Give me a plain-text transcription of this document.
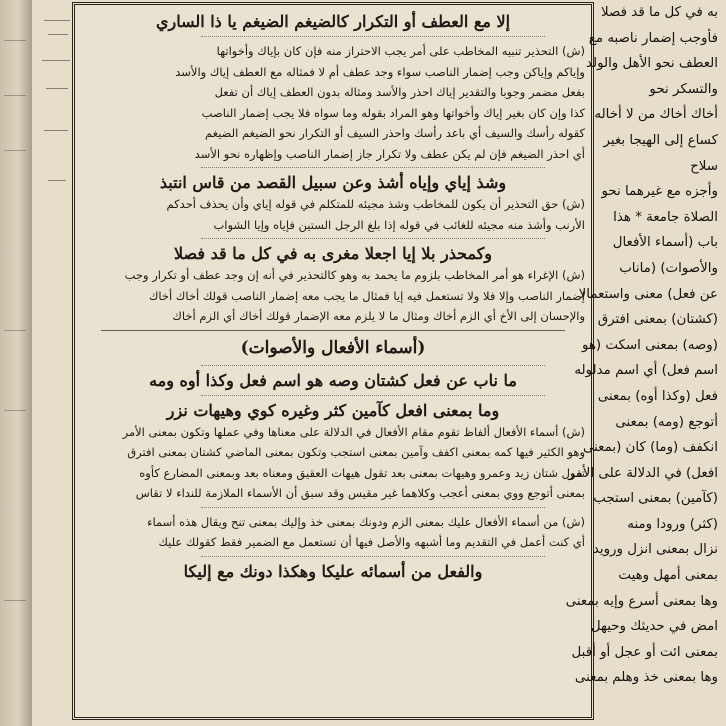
إلا مع العطف أو التكرار كالضيغم الضيغم يا ذا الساري
(ش) التحذير تنبيه المخاطب على أمر يجب الاحتراز منه فإن كان بإياك وأخواتها
وإياكم وإياكن وجب إضمار الناصب سواء وجد عطف أم لا فمثاله مع العطف إياك والأسد
بفعل مضمر وجوبا والتقدير إياك احذر والأسد ومثاله بدون العطف إياك أن تفعل
كذا وإن كان بغير إياك وأخواتها وهو المراد بقوله وما سواه فلا يجب إضمار الناصب
كقوله رأسك والسيف أي باعد رأسك واحذر السيف أو التكرار نحو الضيغم الضيغم
أي احذر الضيغم فإن لم يكن عطف ولا تكرار جاز إضمار الناصب وإظهاره نحو الأسد
وشذ إياي وإياه أشذ وعن سبيل القصد من قاس انتبذ
(ش) حق التحذير أن يكون للمخاطب وشذ مجيئه للمتكلم في قوله إياي وأن يحذف أحدكم
الأرنب وأشذ منه مجيئه للغائب في قوله إذا بلغ الرجل الستين فإياه وإيا الشواب
وكمحذر بلا إيا اجعلا مغرى به في كل ما قد فصلا
(ش) الإغراء هو أمر المخاطب بلزوم ما يحمد به وهو كالتحذير في أنه إن وجد عطف أو تكرار وجب
إضمار الناصب وإلا فلا ولا تستعمل فيه إيا فمثال ما يجب معه إضمار الناصب قولك أخاك أخاك
والإحسان إلى الأخ أي الزم أخاك ومثال ما لا يلزم معه الإضمار قولك أخاك أي الزم أخاك
(أسماء الأفعال والأصوات)
ما ناب عن فعل كشتان وصه هو اسم فعل وكذا أوه ومه
وما بمعنى افعل كآمين كثر وغيره كوي وهيهات نزر
(ش) أسماء الأفعال ألفاظ تقوم مقام الأفعال في الدلالة على معناها وفي عملها وتكون بمعنى الأمر
وهو الكثير فيها كمه بمعنى اكفف وآمين بمعنى استجب وتكون بمعنى الماضي كشتان بمعنى افترق
تقول شتان زيد وعمرو وهيهات بمعنى بعد تقول هيهات العقيق ومعناه بعد وبمعنى المضارع كأوه
بمعنى أتوجع ووي بمعنى أعجب وكلاهما غير مقيس وقد سبق أن الأسماء الملازمة للنداء لا تقاس
(ش) من أسماء الأفعال عليك بمعنى الزم ودونك بمعنى خذ وإليك بمعنى تنح ويقال هذه أسماء
أي كنت أعمل في التقديم وما أشبهه والأصل فيها أن تستعمل مع الضمير فقط كقولك عليك
والفعل من أسمائه عليكا وهكذا دونك مع إليكا
به في كل ما قد فصلا
فأوجب إضمار ناصبه مع
العطف نحو الأهل والولد
والتسكر نحو
أخاك أخاك من لا أخاله
كساع إلى الهيجا بغير
سلاح
وأجزه مع غيرهما نحو
الصلاة جامعة * هذا
باب (أسماء الأفعال
والأصوات) (ماناب
عن فعل) معنى واستعمالا
(كشتان) بمعنى افترق
(وصه) بمعنى اسكت (هو
اسم فعل) أي اسم مدلوله
فعل (وكذا أوه) بمعنى
أتوجع (ومه) بمعنى
انكفف (وما) كان (بمعنى
افعل) في الدلالة على الأمر
(كآمين) بمعنى استجب
(كثر) ورودا ومنه
نزال بمعنى انزل ورويد
بمعنى أمهل وهيت
وها بمعنى أسرع وإيه بمعنى
امض في حديثك وحيهل
بمعنى ائت أو عجل أو أقبل
وها بمعنى خذ وهلم بمعنى
